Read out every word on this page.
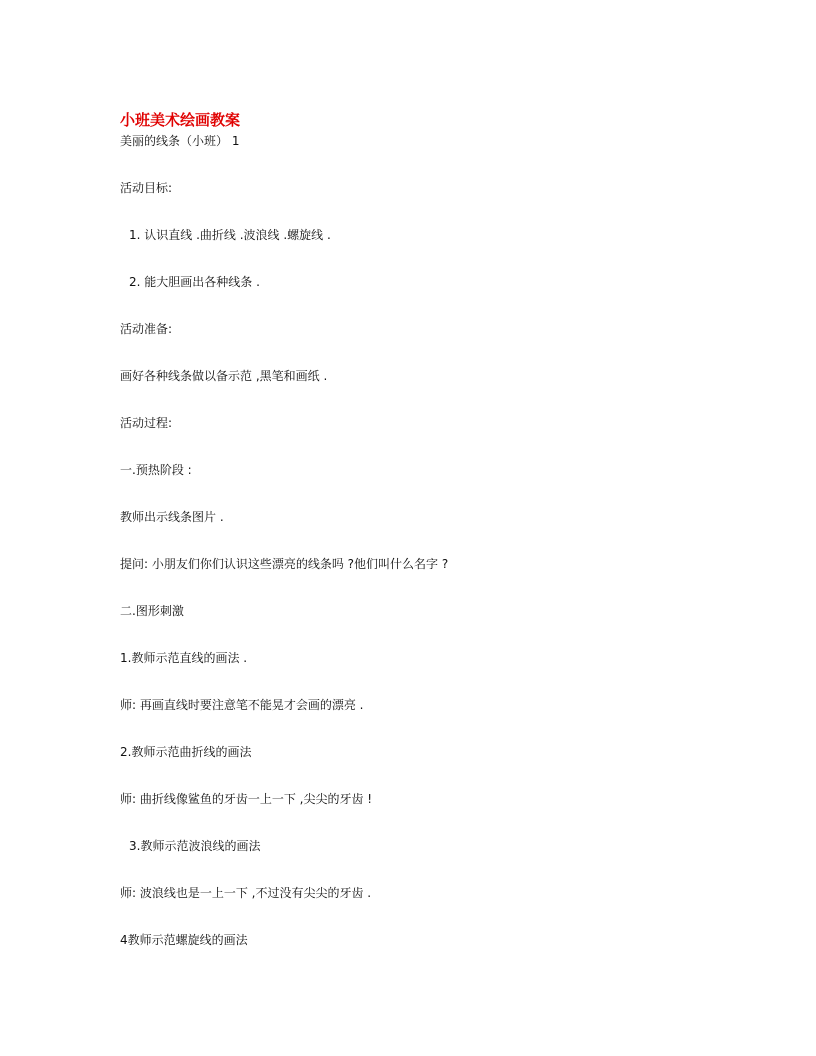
小班美术绘画教案
美丽的线条（小班） 1
活动目标:
1. 认识直线 .曲折线 .波浪线 .螺旋线 .
2. 能大胆画出各种线条 .
活动准备:
画好各种线条做以备示范 ,黑笔和画纸 .
活动过程:
一.预热阶段 :
教师出示线条图片 .
提问: 小朋友们你们认识这些漂亮的线条吗 ?他们叫什么名字 ?
二.图形刺激
1.教师示范直线的画法 .
师: 再画直线时要注意笔不能晃才会画的漂亮 .
2.教师示范曲折线的画法
师: 曲折线像鲨鱼的牙齿一上一下 ,尖尖的牙齿 !
3.教师示范波浪线的画法
师: 波浪线也是一上一下 ,不过没有尖尖的牙齿 .
4教师示范螺旋线的画法
